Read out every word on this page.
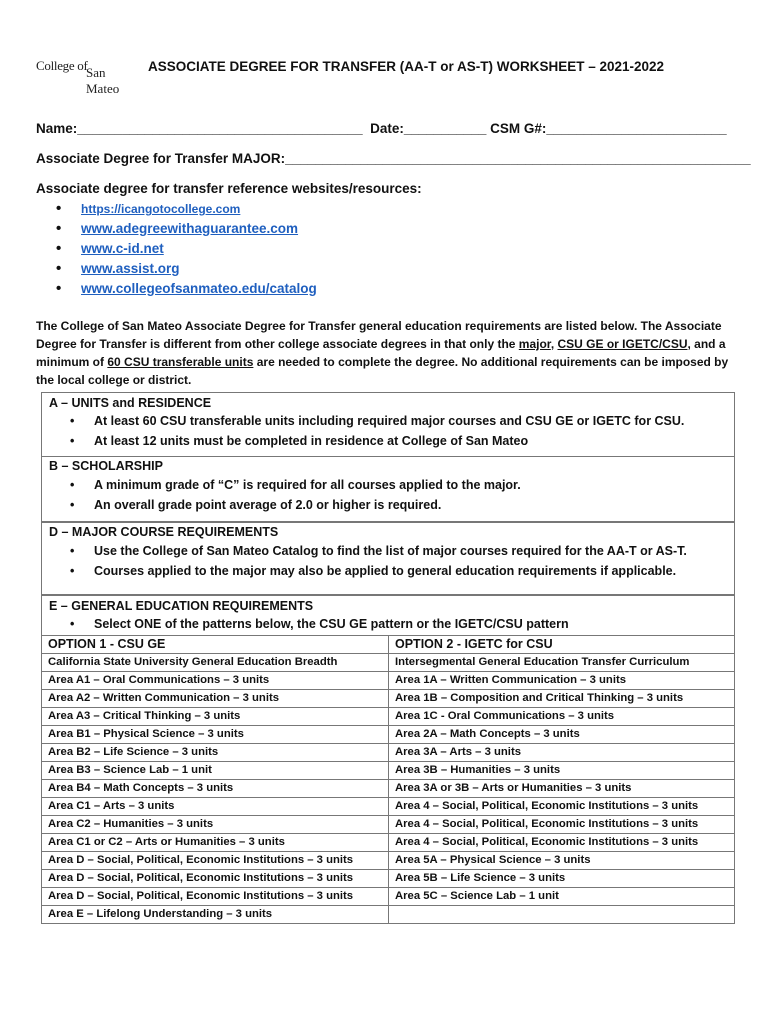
College of
San Mateo
ASSOCIATE DEGREE FOR TRANSFER (AA-T or AS-T) WORKSHEET – 2021-2022
Name:______________________________________  Date:___________ CSM G#:________________________
Associate Degree for Transfer MAJOR:______________________________________________________________
Associate degree for transfer reference websites/resources:
• https://icangotocollege.com
• www.adegreewithaguarantee.com
• www.c-id.net
• www.assist.org
• www.collegeofsanmateo.edu/catalog
The College of San Mateo Associate Degree for Transfer general education requirements are listed below. The Associate Degree for Transfer is different from other college associate degrees in that only the major, CSU GE or IGETC/CSU, and a minimum of 60 CSU transferable units are needed to complete the degree. No additional requirements can be imposed by the local college or district.
A – UNITS and RESIDENCE
• At least 60 CSU transferable units including required major courses and CSU GE or IGETC for CSU.
• At least 12 units must be completed in residence at College of San Mateo
B – SCHOLARSHIP
• A minimum grade of “C” is required for all courses applied to the major.
• An overall grade point average of 2.0 or higher is required.
D – MAJOR COURSE REQUIREMENTS
• Use the College of San Mateo Catalog to find the list of major courses required for the AA-T or AS-T.
• Courses applied to the major may also be applied to general education requirements if applicable.
E – GENERAL EDUCATION REQUIREMENTS
• Select ONE of the patterns below, the CSU GE pattern or the IGETC/CSU pattern
OPTION 1 - CSU GE	OPTION 2 - IGETC for CSU
California State University General Education Breadth	Intersegmental General Education Transfer Curriculum
Area A1 – Oral Communications – 3 units	Area 1A – Written Communication – 3 units
Area A2 – Written Communication – 3 units	Area 1B – Composition and Critical Thinking – 3 units
Area A3 – Critical Thinking – 3 units	Area 1C - Oral Communications – 3 units
Area B1 – Physical Science – 3 units	Area 2A – Math Concepts – 3 units
Area B2 – Life Science – 3 units	Area 3A – Arts – 3 units
Area B3 – Science Lab – 1 unit	Area 3B – Humanities – 3 units
Area B4 – Math Concepts – 3 units	Area 3A or 3B – Arts or Humanities – 3 units
Area C1 – Arts – 3 units	Area 4 – Social, Political, Economic Institutions – 3 units
Area C2 – Humanities – 3 units	Area 4 – Social, Political, Economic Institutions – 3 units
Area C1 or C2 – Arts or Humanities – 3 units	Area 4 – Social, Political, Economic Institutions – 3 units
Area D – Social, Political, Economic Institutions – 3 units	Area 5A – Physical Science – 3 units
Area D – Social, Political, Economic Institutions – 3 units	Area 5B – Life Science – 3 units
Area D – Social, Political, Economic Institutions – 3 units	Area 5C – Science Lab – 1 unit
Area E – Lifelong Understanding – 3 units	
